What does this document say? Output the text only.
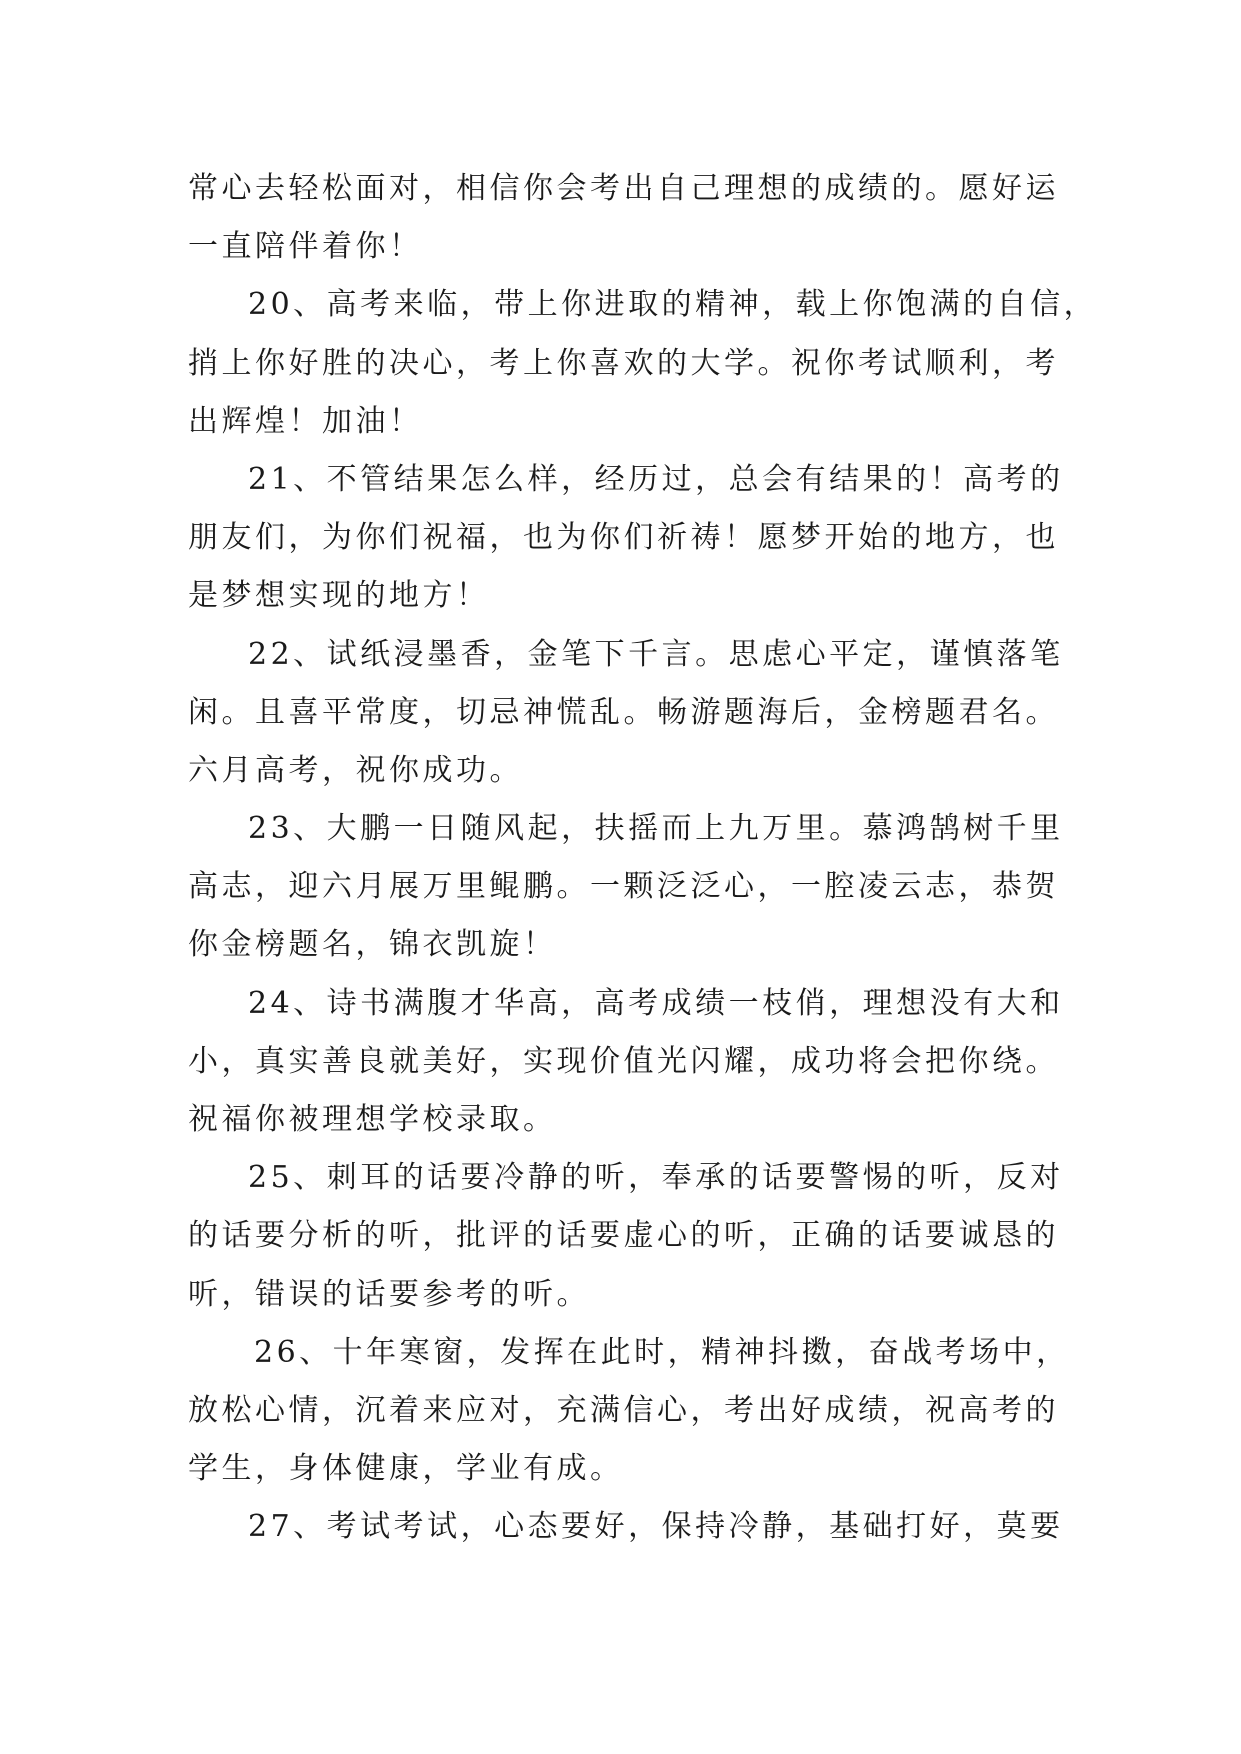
常心去轻松面对，相信你会考出自己理想的成绩的。愿好运
一直陪伴着你！

20、高考来临，带上你进取的精神，载上你饱满的自信，
捎上你好胜的决心，考上你喜欢的大学。祝你考试顺利，考
出辉煌！加油！

21、不管结果怎么样，经历过，总会有结果的！高考的
朋友们，为你们祝福，也为你们祈祷！愿梦开始的地方，也
是梦想实现的地方！

22、试纸浸墨香，金笔下千言。思虑心平定，谨慎落笔
闲。且喜平常度，切忌神慌乱。畅游题海后，金榜题君名。
六月高考，祝你成功。

23、大鹏一日随风起，扶摇而上九万里。慕鸿鹄树千里
高志，迎六月展万里鲲鹏。一颗泛泛心，一腔凌云志，恭贺
你金榜题名，锦衣凯旋！

24、诗书满腹才华高，高考成绩一枝俏，理想没有大和
小，真实善良就美好，实现价值光闪耀，成功将会把你绕。
祝福你被理想学校录取。

25、刺耳的话要冷静的听，奉承的话要警惕的听，反对
的话要分析的听，批评的话要虚心的听，正确的话要诚恳的
听，错误的话要参考的听。

26、十年寒窗，发挥在此时，精神抖擞，奋战考场中，
放松心情，沉着来应对，充满信心，考出好成绩，祝高考的
学生，身体健康，学业有成。

27、考试考试，心态要好，保持冷静，基础打好，莫要
